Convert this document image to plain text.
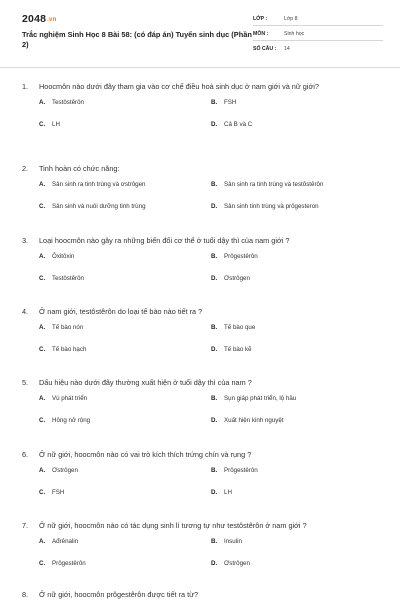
2048.vn
Trắc nghiệm Sinh Học 8 Bài 58: (có đáp án) Tuyển sinh dục (Phần 2)
LỚP :	Lớp 8
MÔN :	Sinh học
SỐ CÂU : 14
1.	Hoocmôn nào dưới đây tham gia vào cơ chế điều hoà sinh dục ở nam giới và nữ giới?
A. Testôstêrôn	B. FSH
C. LH	D. Cả B và C
2.	Tinh hoàn có chức năng:
A. Sản sinh ra tinh trùng và ơstrôgen	B. Sản sinh ra tinh trùng và testôstêrôn
C. Sản sinh và nuôi dưỡng tinh trùng	D. Sản sinh tinh trùng và prôgesteron
3.	Loại hoocmôn nào gây ra những biến đổi cơ thể ở tuổi dậy thì của nam giới ?
A. Ôxitôxin	B. Prôgestêrôn
C. Testôstêrôn	D. Ơstrôgen
4.	Ở nam giới, testôstêrôn do loại tế bào nào tiết ra ?
A. Tế bào nón	B. Tế bào que
C. Tế bào hạch	D. Tế bào kẽ
5.	Dấu hiệu nào dưới đây thường xuất hiện ở tuổi dậy thì của nam ?
A. Vú phát triển	B. Sụn giáp phát triển, lộ hầu
C. Hông nở rộng	D. Xuất hiện kinh nguyệt
6.	Ở nữ giới, hoocmôn nào có vai trò kích thích trứng chín và rụng ?
A. Ơstrôgen	B. Prôgestêrôn
C. FSH	D. LH
7.	Ở nữ giới, hoocmôn nào có tác dụng sinh lí tương tự như testôstêrôn ở nam giới ?
A. Ađrênalin	B. Insulin
C. Prôgestêrôn	D. Ơstrôgen
8.	Ở nữ giới, hoocmôn prôgestêrôn được tiết ra từ?
